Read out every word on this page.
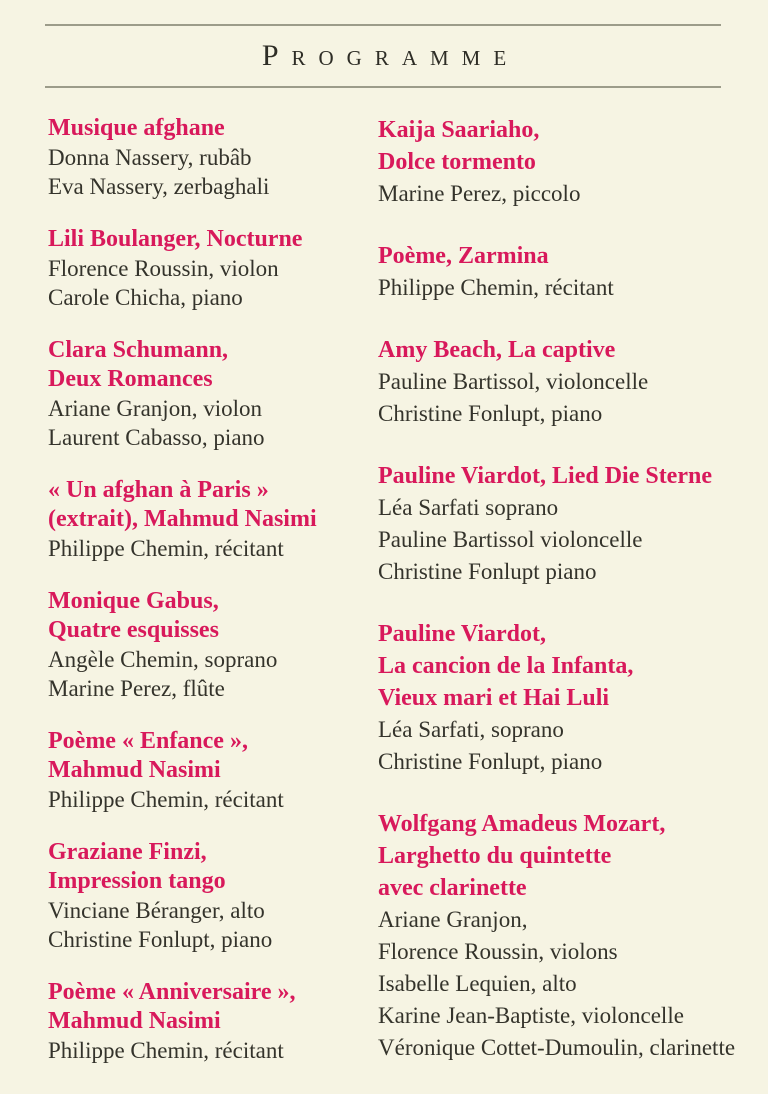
Programme
Musique afghane
Donna Nassery, rubâb
Eva Nassery, zerbaghali
Lili Boulanger, Nocturne
Florence Roussin, violon
Carole Chicha, piano
Clara Schumann,
Deux Romances
Ariane Granjon, violon
Laurent Cabasso, piano
« Un afghan à Paris »
(extrait), Mahmud Nasimi
Philippe Chemin, récitant
Monique Gabus,
Quatre esquisses
Angèle Chemin, soprano
Marine Perez, flûte
Poème « Enfance »,
Mahmud Nasimi
Philippe Chemin, récitant
Graziane Finzi,
Impression tango
Vinciane Béranger, alto
Christine Fonlupt, piano
Poème « Anniversaire »,
Mahmud Nasimi
Philippe Chemin, récitant
Kaija Saariaho,
Dolce tormento
Marine Perez, piccolo
Poème, Zarmina
Philippe Chemin, récitant
Amy Beach, La captive
Pauline Bartissol, violoncelle
Christine Fonlupt, piano
Pauline Viardot, Lied Die Sterne
Léa Sarfati soprano
Pauline Bartissol violoncelle
Christine Fonlupt piano
Pauline Viardot,
La cancion de la Infanta,
Vieux mari et Hai Luli
Léa Sarfati, soprano
Christine Fonlupt, piano
Wolfgang Amadeus Mozart,
Larghetto du quintette
avec clarinette
Ariane Granjon,
Florence Roussin, violons
Isabelle Lequien, alto
Karine Jean-Baptiste, violoncelle
Véronique Cottet-Dumoulin, clarinette
